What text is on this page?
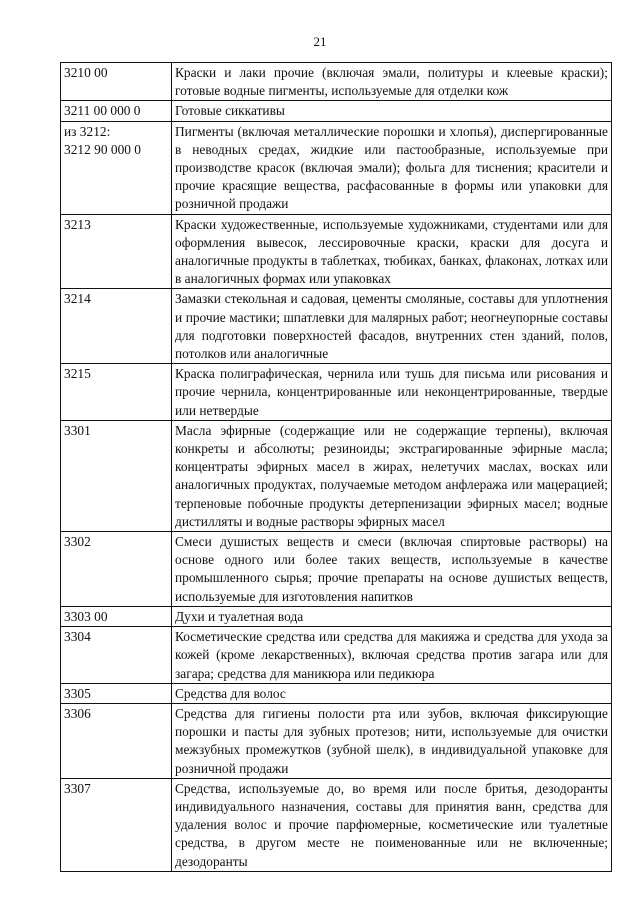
21
3210 00	Краски и лаки прочие (включая эмали, политуры и клеевые краски); готовые водные пигменты, используемые для отделки кож
3211 00 000 0	Готовые сиккативы
из 3212:
3212 90 000 0	Пигменты (включая металлические порошки и хлопья), диспергированные в неводных средах, жидкие или пастообразные, используемые при производстве красок (включая эмали); фольга для тиснения; красители и прочие красящие вещества, расфасованные в формы или упаковки для розничной продажи
3213	Краски художественные, используемые художниками, студентами или для оформления вывесок, лессировочные краски, краски для досуга и аналогичные продукты в таблетках, тюбиках, банках, флаконах, лотках или в аналогичных формах или упаковках
3214	Замазки стекольная и садовая, цементы смоляные, составы для уплотнения и прочие мастики; шпатлевки для малярных работ; неогнеупорные составы для подготовки поверхностей фасадов, внутренних стен зданий, полов, потолков или аналогичные
3215	Краска полиграфическая, чернила или тушь для письма или рисования и прочие чернила, концентрированные или неконцентрированные, твердые или нетвердые
3301	Масла эфирные (содержащие или не содержащие терпены), включая конкреты и абсолюты; резиноиды; экстрагированные эфирные масла; концентраты эфирных масел в жирах, нелетучих маслах, восках или аналогичных продуктах, получаемые методом анфлеража или мацерацией; терпеновые побочные продукты детерпенизации эфирных масел; водные дистилляты и водные растворы эфирных масел
3302	Смеси душистых веществ и смеси (включая спиртовые растворы) на основе одного или более таких веществ, используемые в качестве промышленного сырья; прочие препараты на основе душистых веществ, используемые для изготовления напитков
3303 00	Духи и туалетная вода
3304	Косметические средства или средства для макияжа и средства для ухода за кожей (кроме лекарственных), включая средства против загара или для загара; средства для маникюра или педикюра
3305	Средства для волос
3306	Средства для гигиены полости рта или зубов, включая фиксирующие порошки и пасты для зубных протезов; нити, используемые для очистки межзубных промежутков (зубной шелк), в индивидуальной упаковке для розничной продажи
3307	Средства, используемые до, во время или после бритья, дезодоранты индивидуального назначения, составы для принятия ванн, средства для удаления волос и прочие парфюмерные, косметические или туалетные средства, в другом месте не поименованные или не включенные; дезодоранты
